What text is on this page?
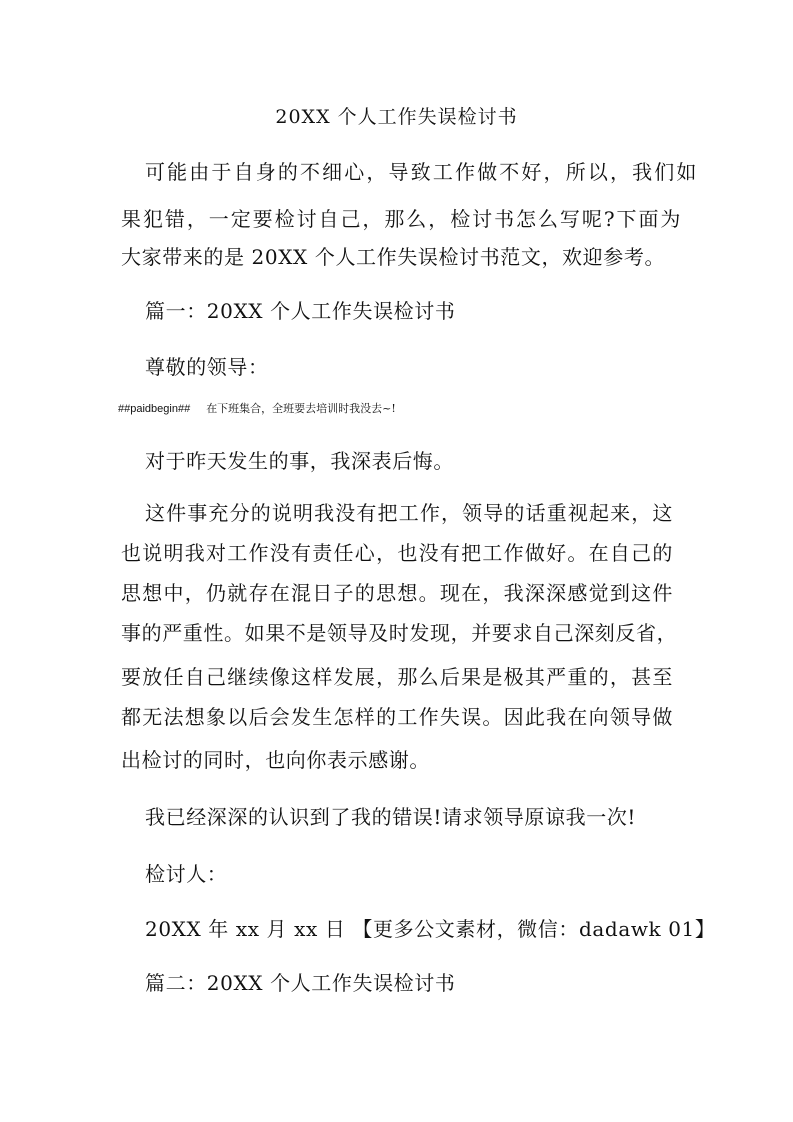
20XX 个人工作失误检讨书
可能由于自身的不细心，导致工作做不好，所以，我们如
果犯错，一定要检讨自己，那么，检讨书怎么写呢?下面为
大家带来的是 20XX 个人工作失误检讨书范文，欢迎参考。
篇一：20XX 个人工作失误检讨书
尊敬的领导：
##paidbegin## 在下班集合，全班要去培训时我没去~!
对于昨天发生的事，我深表后悔。
这件事充分的说明我没有把工作，领导的话重视起来，这
也说明我对工作没有责任心，也没有把工作做好。在自己的
思想中，仍就存在混日子的思想。现在，我深深感觉到这件
事的严重性。如果不是领导及时发现，并要求自己深刻反省，
要放任自己继续像这样发展，那么后果是极其严重的，甚至
都无法想象以后会发生怎样的工作失误。因此我在向领导做
出检讨的同时，也向你表示感谢。
我已经深深的认识到了我的错误!请求领导原谅我一次!
检讨人：
20XX 年 xx 月 xx 日 【更多公文素材，微信：dadawk 01】
篇二：20XX 个人工作失误检讨书
